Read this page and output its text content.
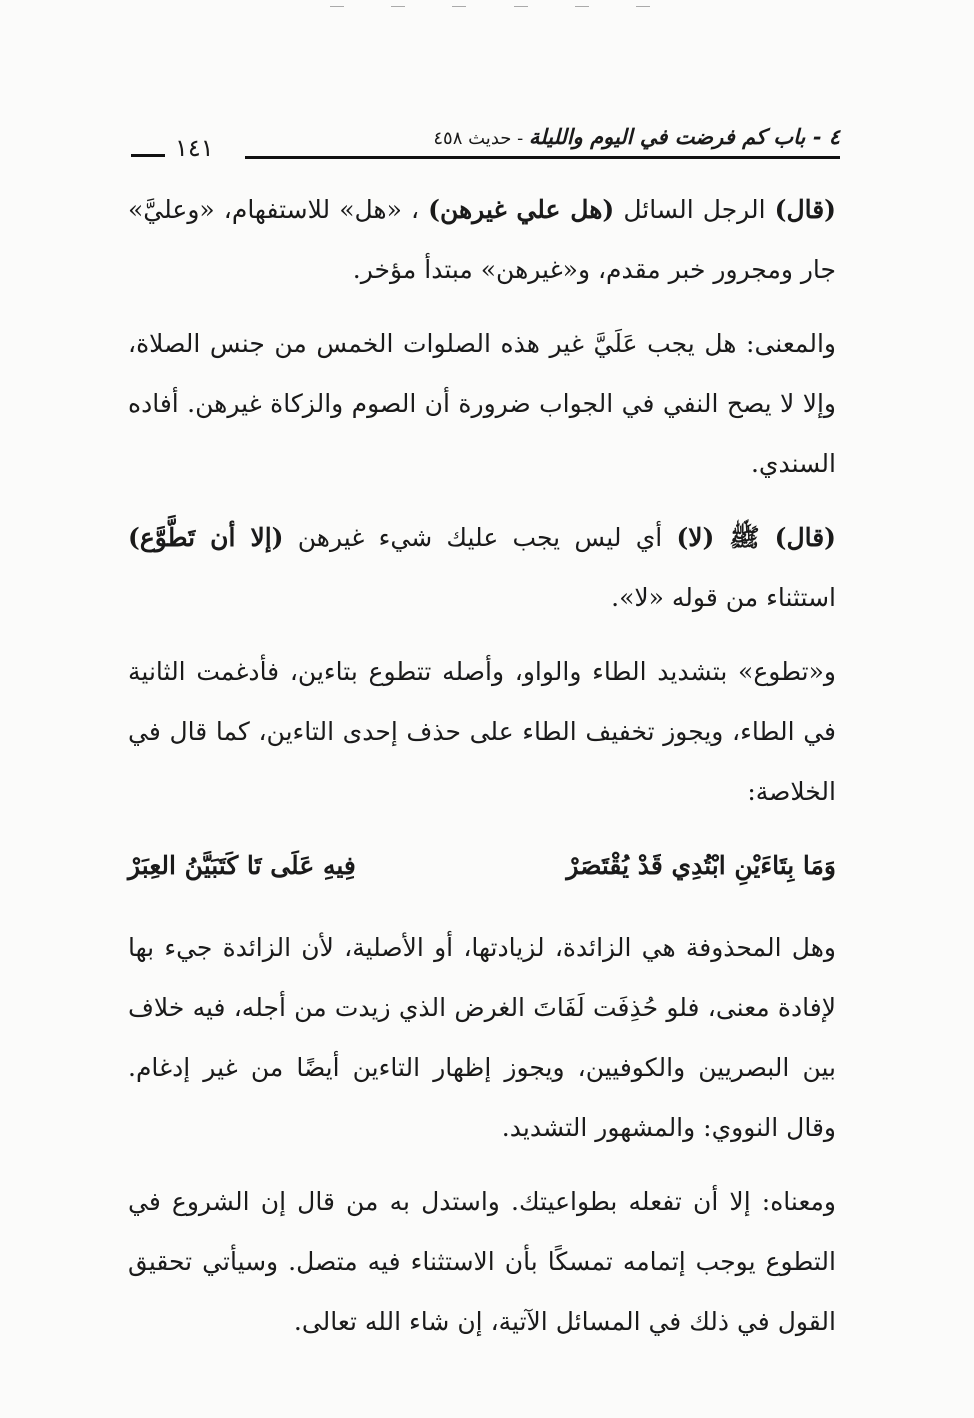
٤ - باب كم فرضت في اليوم والليلة - حديث ٤٥٨
١٤١

(قال) الرجل السائل (هل علي غيرهن) ، «هل» للاستفهام، «وعليَّ» جار ومجرور خبر مقدم، و«غيرهن» مبتدأ مؤخر.

والمعنى: هل يجب عَلَيَّ غير هذه الصلوات الخمس من جنس الصلاة، وإلا لا يصح النفي في الجواب ضرورة أن الصوم والزكاة غيرهن. أفاده السندي.

(قال) ﷺ (لا) أي ليس يجب عليك شيء غيرهن (إلا أن تَطَّوَّع) استثناء من قوله «لا».

و«تطوع» بتشديد الطاء والواو، وأصله تتطوع بتاءين، فأدغمت الثانية في الطاء، ويجوز تخفيف الطاء على حذف إحدى التاءين، كما قال في الخلاصة:

وَمَا بِتَاءَيْنِ ابْتُدِي قَدْ يُقْتَصَرْ
فِيهِ عَلَى تَا كَتَبَيَّنُ العِبَرْ

وهل المحذوفة هي الزائدة، لزيادتها، أو الأصلية، لأن الزائدة جيء بها لإفادة معنى، فلو حُذِفَت لَفَاتَ الغرض الذي زيدت من أجله، فيه خلاف بين البصريين والكوفيين، ويجوز إظهار التاءين أيضًا من غير إدغام. وقال النووي: والمشهور التشديد.

ومعناه: إلا أن تفعله بطواعيتك. واستدل به من قال إن الشروع في التطوع يوجب إتمامه تمسكًا بأن الاستثناء فيه متصل. وسيأتي تحقيق القول في ذلك في المسائل الآتية، إن شاء الله تعالى.
